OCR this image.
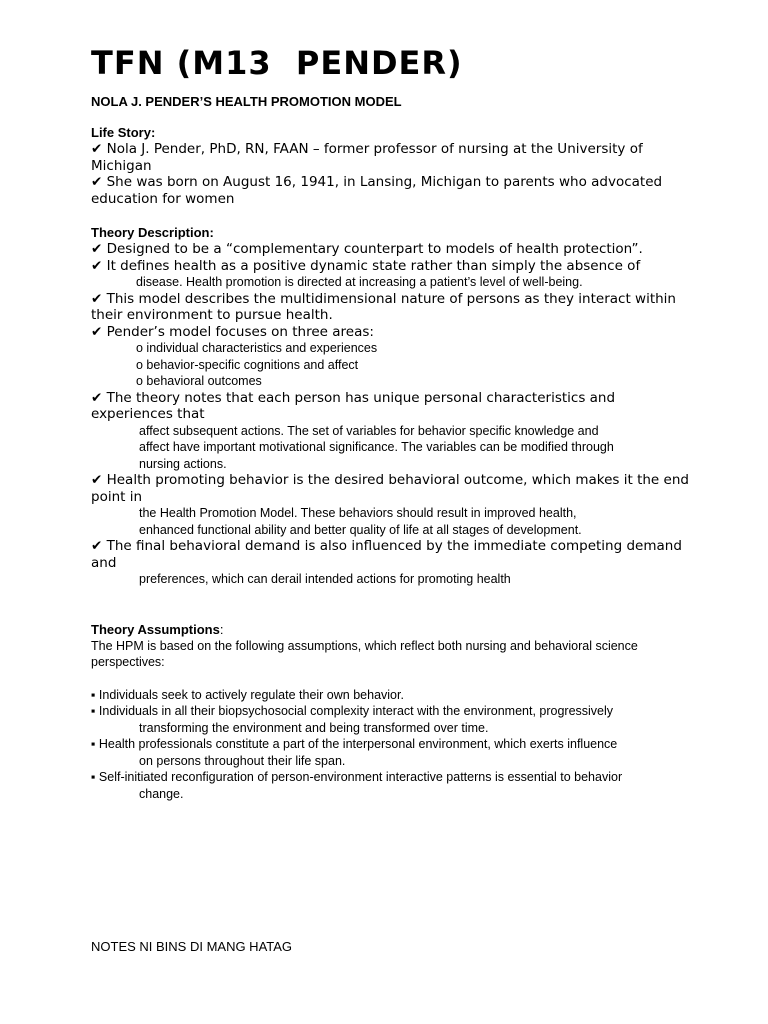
TFN (M13  PENDER)

NOLA J. PENDER’S HEALTH PROMOTION MODEL

Life Story:

✔ Nola J. Pender, PhD, RN, FAAN – former professor of nursing at the University of Michigan

✔ She was born on August 16, 1941, in Lansing, Michigan to parents who advocated education for women

Theory Description:

✔ Designed to be a “complementary counterpart to models of health protection”.

✔ It defines health as a positive dynamic state rather than simply the absence of

disease. Health promotion is directed at increasing a patient’s level of well-being.

✔ This model describes the multidimensional nature of persons as they interact within their environment to pursue health.

✔ Pender’s model focuses on three areas:

o individual characteristics and experiences

o behavior-specific cognitions and affect

o behavioral outcomes

✔ The theory notes that each person has unique personal characteristics and experiences that

affect subsequent actions. The set of variables for behavior specific knowledge and

affect have important motivational significance. The variables can be modified through

nursing actions.

✔ Health promoting behavior is the desired behavioral outcome, which makes it the end point in

the Health Promotion Model. These behaviors should result in improved health,

enhanced functional ability and better quality of life at all stages of development.

✔ The final behavioral demand is also influenced by the immediate competing demand and

preferences, which can derail intended actions for promoting health

Theory Assumptions:

The HPM is based on the following assumptions, which reflect both nursing and behavioral science perspectives:

▪ Individuals seek to actively regulate their own behavior.

▪ Individuals in all their biopsychosocial complexity interact with the environment, progressively

transforming the environment and being transformed over time.

▪ Health professionals constitute a part of the interpersonal environment, which exerts influence

on persons throughout their life span.

▪ Self-initiated reconfiguration of person-environment interactive patterns is essential to behavior

change.

NOTES NI BINS DI MANG HATAG
